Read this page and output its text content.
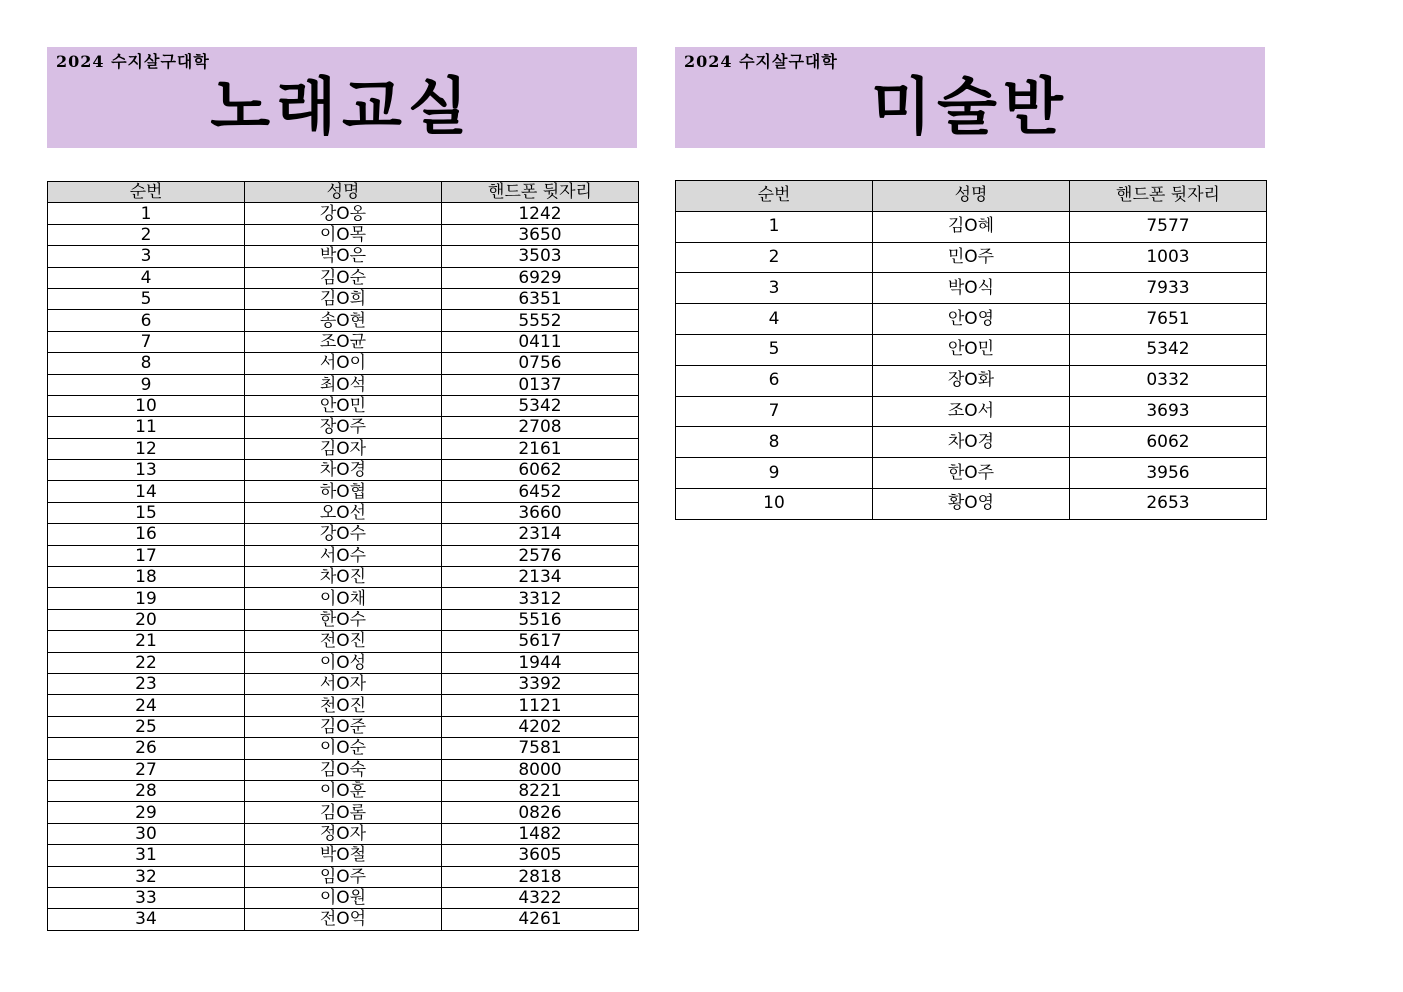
2024 수지살구대학
노래교실
순번	성명	핸드폰 뒷자리
1	강O옹	1242
2	이O목	3650
3	박O은	3503
4	김O순	6929
5	김O희	6351
6	송O현	5552
7	조O균	0411
8	서O이	0756
9	최O석	0137
10	안O민	5342
11	장O주	2708
12	김O자	2161
13	차O경	6062
14	하O협	6452
15	오O선	3660
16	강O수	2314
17	서O수	2576
18	차O진	2134
19	이O채	3312
20	한O수	5516
21	전O진	5617
22	이O성	1944
23	서O자	3392
24	천O진	1121
25	김O준	4202
26	이O순	7581
27	김O숙	8000
28	이O훈	8221
29	김O롬	0826
30	정O자	1482
31	박O철	3605
32	임O주	2818
33	이O원	4322
34	전O억	4261
2024 수지살구대학
미술반
순번	성명	핸드폰 뒷자리
1	김O혜	7577
2	민O주	1003
3	박O식	7933
4	안O영	7651
5	안O민	5342
6	장O화	0332
7	조O서	3693
8	차O경	6062
9	한O주	3956
10	황O영	2653
